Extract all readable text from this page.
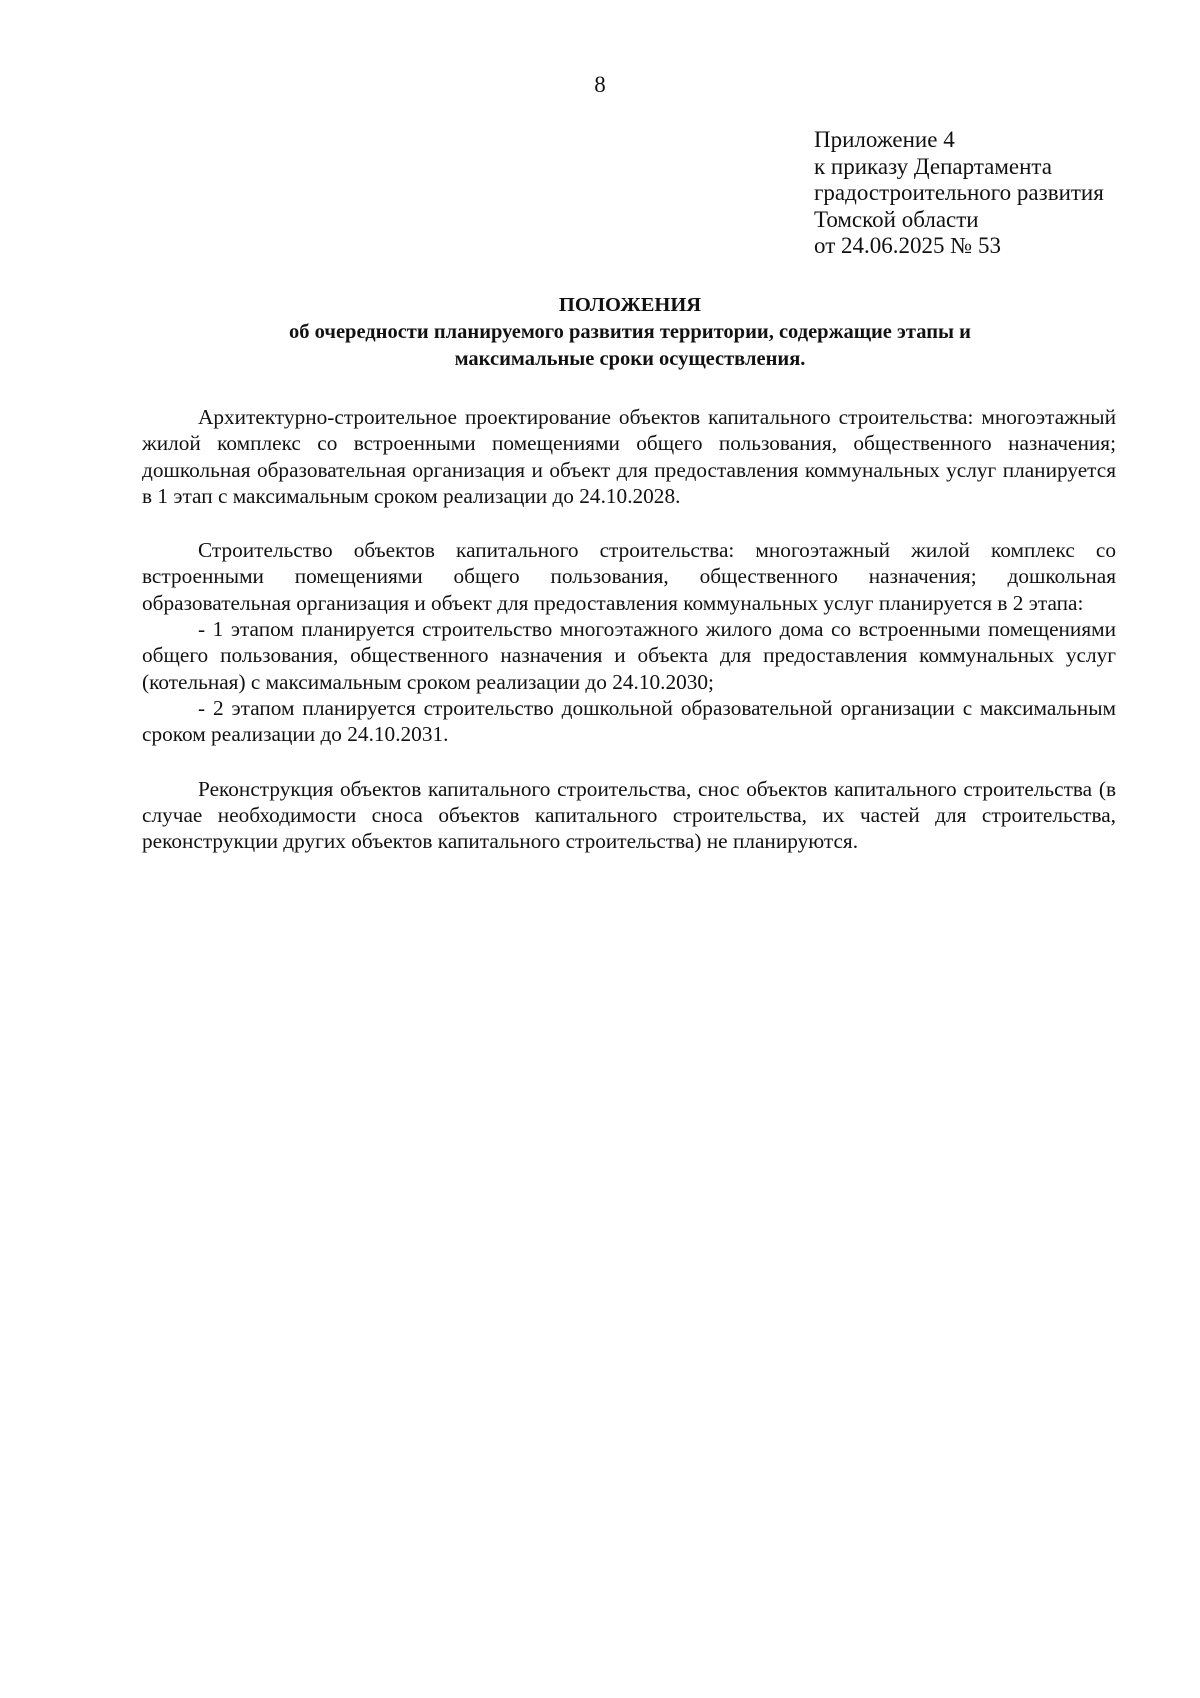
8
Приложение 4
к приказу Департамента
градостроительного развития
Томской области
от 24.06.2025 № 53
ПОЛОЖЕНИЯ
об очередности планируемого развития территории, содержащие этапы и
максимальные сроки осуществления.

Архитектурно-строительное проектирование объектов капитального строительства: многоэтажный жилой комплекс со встроенными помещениями общего пользования, общественного назначения; дошкольная образовательная организация и объект для предоставления коммунальных услуг планируется в 1 этап с максимальным сроком реализации до 24.10.2028.

Строительство объектов капитального строительства: многоэтажный жилой комплекс со встроенными помещениями общего пользования, общественного назначения; дошкольная образовательная организация и объект для предоставления коммунальных услуг планируется в 2 этапа:

- 1 этапом планируется строительство многоэтажного жилого дома со встроенными помещениями общего пользования, общественного назначения и объекта для предоставления коммунальных услуг (котельная) с максимальным сроком реализации до 24.10.2030;

- 2 этапом планируется строительство дошкольной образовательной организации с максимальным сроком реализации до 24.10.2031.

Реконструкция объектов капитального строительства, снос объектов капитального строительства (в случае необходимости сноса объектов капитального строительства, их частей для строительства, реконструкции других объектов капитального строительства) не планируются.
